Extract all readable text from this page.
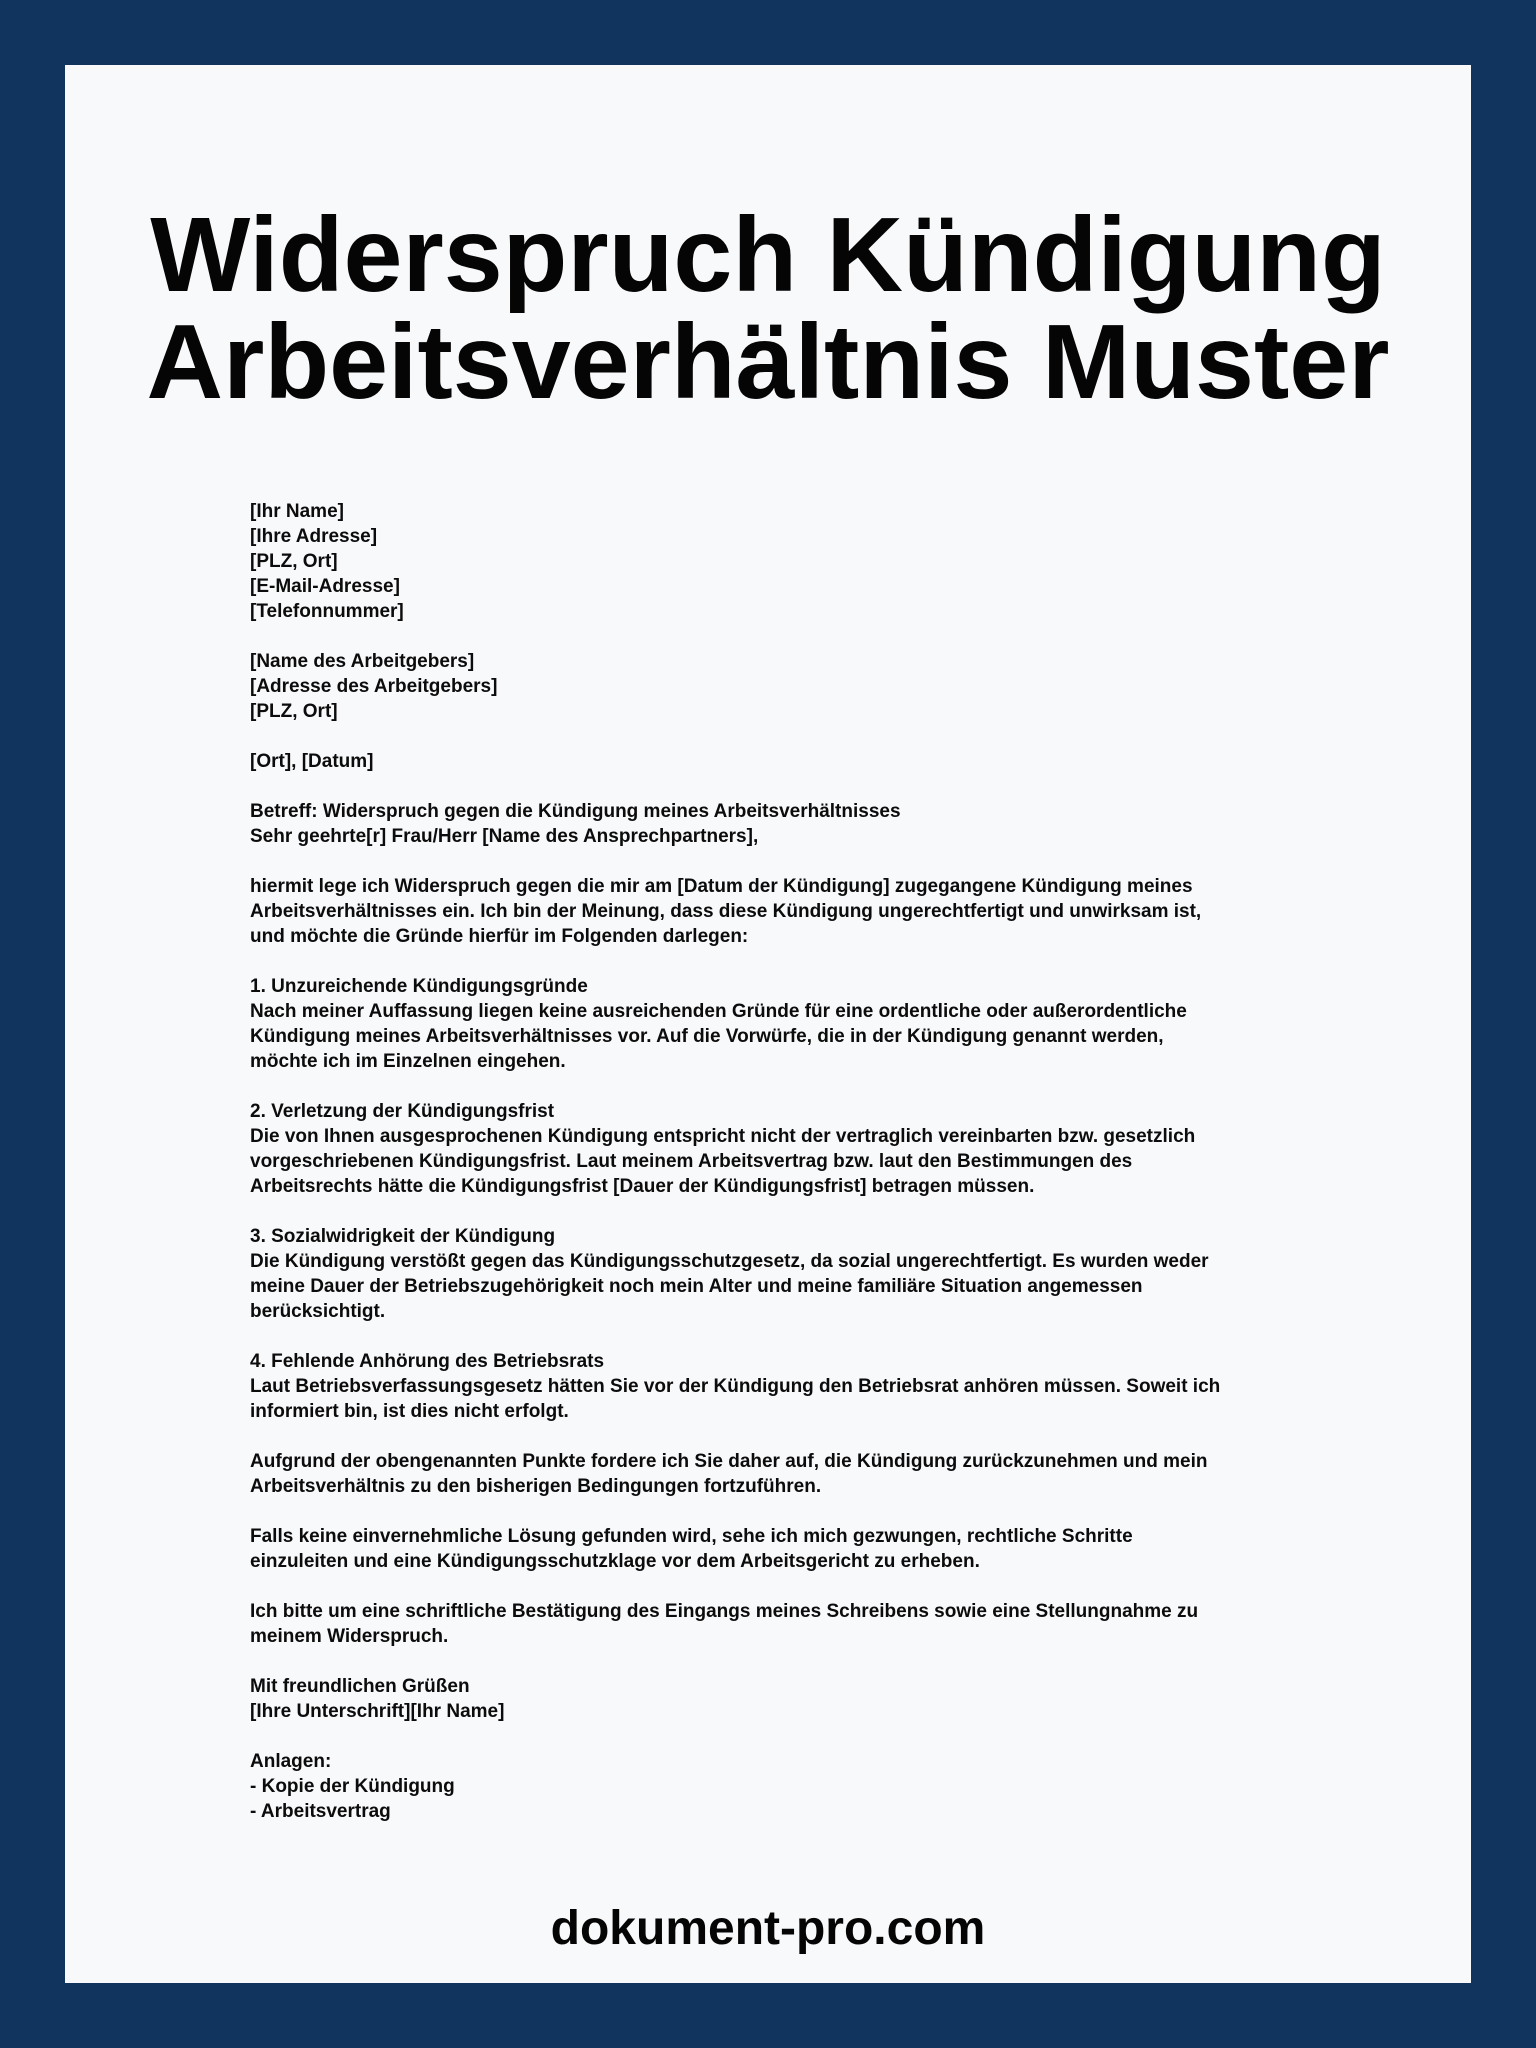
Widerspruch Kündigung
Arbeitsverhältnis Muster
[Ihr Name]
[Ihre Adresse]
[PLZ, Ort]
[E-Mail-Adresse]
[Telefonnummer]
[Name des Arbeitgebers]
[Adresse des Arbeitgebers]
[PLZ, Ort]
[Ort], [Datum]
Betreff: Widerspruch gegen die Kündigung meines Arbeitsverhältnisses
Sehr geehrte[r] Frau/Herr [Name des Ansprechpartners],
hiermit lege ich Widerspruch gegen die mir am [Datum der Kündigung] zugegangene Kündigung meines
Arbeitsverhältnisses ein. Ich bin der Meinung, dass diese Kündigung ungerechtfertigt und unwirksam ist,
und möchte die Gründe hierfür im Folgenden darlegen:
1. Unzureichende Kündigungsgründe
Nach meiner Auffassung liegen keine ausreichenden Gründe für eine ordentliche oder außerordentliche
Kündigung meines Arbeitsverhältnisses vor. Auf die Vorwürfe, die in der Kündigung genannt werden,
möchte ich im Einzelnen eingehen.
2. Verletzung der Kündigungsfrist
Die von Ihnen ausgesprochenen Kündigung entspricht nicht der vertraglich vereinbarten bzw. gesetzlich
vorgeschriebenen Kündigungsfrist. Laut meinem Arbeitsvertrag bzw. laut den Bestimmungen des
Arbeitsrechts hätte die Kündigungsfrist [Dauer der Kündigungsfrist] betragen müssen.
3. Sozialwidrigkeit der Kündigung
Die Kündigung verstößt gegen das Kündigungsschutzgesetz, da sozial ungerechtfertigt. Es wurden weder
meine Dauer der Betriebszugehörigkeit noch mein Alter und meine familiäre Situation angemessen
berücksichtigt.
4. Fehlende Anhörung des Betriebsrats
Laut Betriebsverfassungsgesetz hätten Sie vor der Kündigung den Betriebsrat anhören müssen. Soweit ich
informiert bin, ist dies nicht erfolgt.
Aufgrund der obengenannten Punkte fordere ich Sie daher auf, die Kündigung zurückzunehmen und mein
Arbeitsverhältnis zu den bisherigen Bedingungen fortzuführen.
Falls keine einvernehmliche Lösung gefunden wird, sehe ich mich gezwungen, rechtliche Schritte
einzuleiten und eine Kündigungsschutzklage vor dem Arbeitsgericht zu erheben.
Ich bitte um eine schriftliche Bestätigung des Eingangs meines Schreibens sowie eine Stellungnahme zu
meinem Widerspruch.
Mit freundlichen Grüßen
[Ihre Unterschrift][Ihr Name]
Anlagen:
- Kopie der Kündigung
- Arbeitsvertrag
dokument-pro.com
